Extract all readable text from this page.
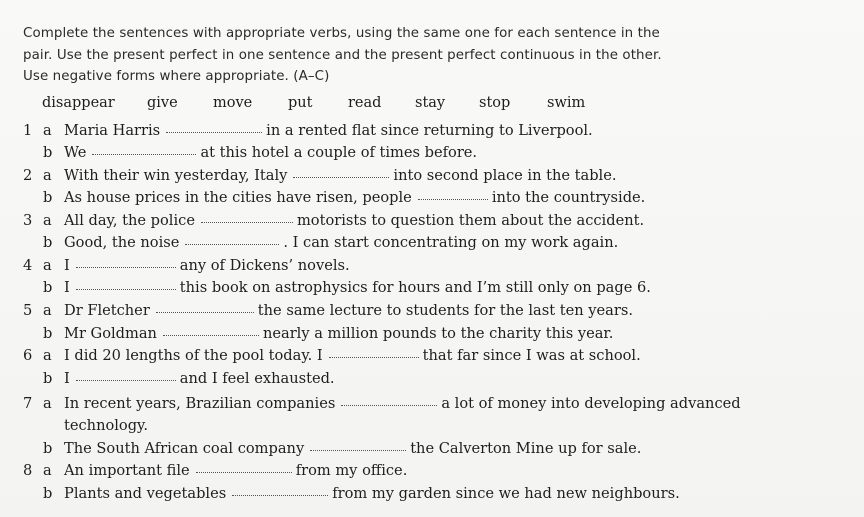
Complete the sentences with appropriate verbs, using the same one for each sentence in the
pair. Use the present perfect in one sentence and the present perfect continuous in the other.
Use negative forms where appropriate. (A–C)
disappear give move put read stay stop	swim
1 a Maria Harris	in a rented flat since returning to Liverpool.
b We	at this hotel a couple of times before.
2 a With their win yesterday, Italy	into second place in the table.
b As house prices in the cities have risen, people	into the countryside.
3 a All day, the police	motorists to question them about the accident.
b Good, the noise	. I can start concentrating on my work again.
4 a I	any of Dickens’ novels.
b I	this book on astrophysics for hours and I’m still only on page 6.
5 a Dr Fletcher	the same lecture to students for the last ten years.
b Mr Goldman	nearly a million pounds to the charity this year.
6 a I did 20 lengths of the pool today. I	that far since I was at school.
b I	and I feel exhausted.
7 a In recent years, Brazilian companies	a lot of money into developing advanced
technology.
b The South African coal company	the Calverton Mine up for sale.
8 a An important file	from my office.
b Plants and vegetables	from my garden since we had new neighbours.
